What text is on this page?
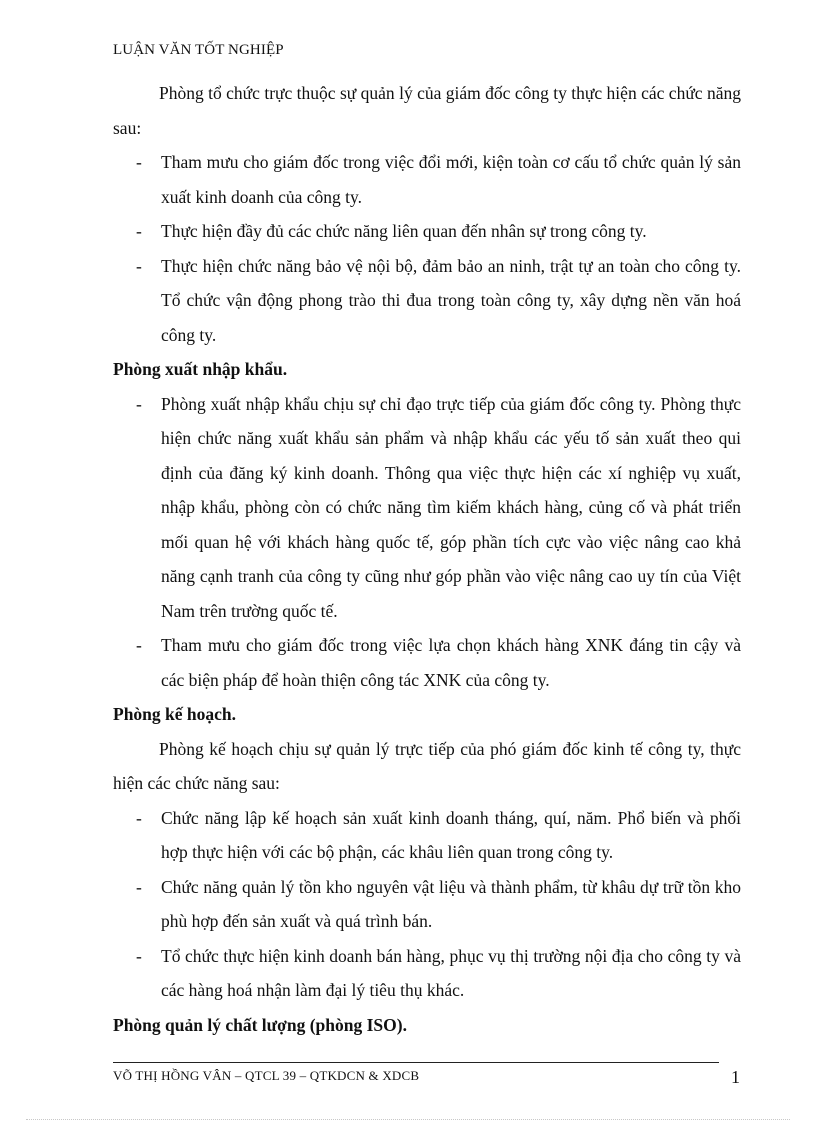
LUẬN VĂN TỐT NGHIỆP

Phòng tổ chức trực thuộc sự quản lý của giám đốc công ty thực hiện các chức năng sau:

- Tham mưu cho giám đốc trong việc đổi mới, kiện toàn cơ cấu tổ chức quản lý sản xuất kinh doanh của công ty.
- Thực hiện đầy đủ các chức năng liên quan đến nhân sự trong công ty.
- Thực hiện chức năng bảo vệ nội bộ, đảm bảo an ninh, trật tự an toàn cho công ty. Tổ chức vận động phong trào thi đua trong toàn công ty, xây dựng nền văn hoá công ty.

Phòng xuất nhập khẩu.

- Phòng xuất nhập khẩu chịu sự chỉ đạo trực tiếp của giám đốc công ty. Phòng thực hiện chức năng xuất khẩu sản phẩm và nhập khẩu các yếu tố sản xuất theo qui định của đăng ký kinh doanh. Thông qua việc thực hiện các xí nghiệp vụ xuất, nhập khẩu, phòng còn có chức năng tìm kiếm khách hàng, củng cố và phát triển mối quan hệ với khách hàng quốc tế, góp phần tích cực vào việc nâng cao khả năng cạnh tranh của công ty cũng như góp phần vào việc nâng cao uy tín của Việt Nam trên trường quốc tế.
- Tham mưu cho giám đốc trong việc lựa chọn khách hàng XNK đáng tin cậy và các biện pháp để hoàn thiện công tác XNK của công ty.

Phòng kế hoạch.

Phòng kế hoạch chịu sự quản lý trực tiếp của phó giám đốc kinh tế công ty, thực hiện các chức năng sau:

- Chức năng lập kế hoạch sản xuất kinh doanh tháng, quí, năm. Phổ biến và phối hợp thực hiện với các bộ phận, các khâu liên quan trong công ty.
- Chức năng quản lý tồn kho nguyên vật liệu và thành phẩm, từ khâu dự trữ tồn kho phù hợp đến sản xuất và quá trình bán.
- Tổ chức thực hiện kinh doanh bán hàng, phục vụ thị trường nội địa cho công ty và các hàng hoá nhận làm đại lý tiêu thụ khác.

Phòng quản lý chất lượng (phòng ISO).

VÕ THỊ HỒNG VÂN – QTCL 39 – QTKDCN & XDCB	1
